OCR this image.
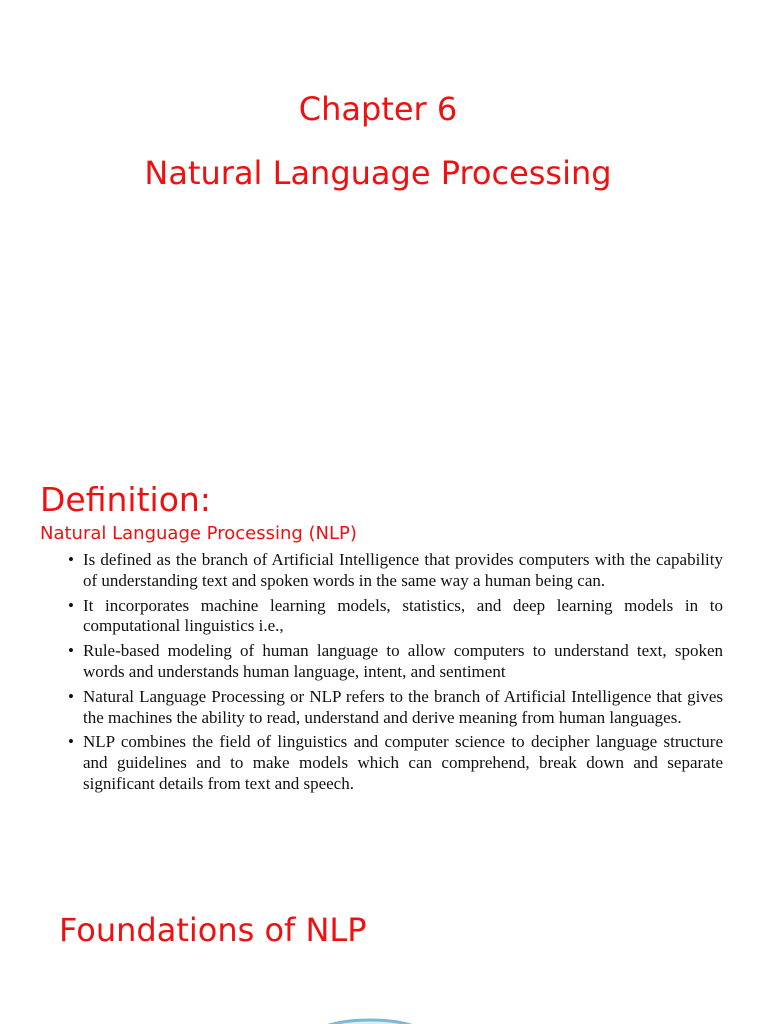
Chapter 6
Natural Language Processing
Definition:
Natural Language Processing (NLP)
• Is defined as the branch of Artificial Intelligence that provides computers with the capability of understanding text and spoken words in the same way a human being can.
• It incorporates machine learning models, statistics, and deep learning models in to computational linguistics i.e.,
• Rule-based modeling of human language to allow computers to understand text, spoken words and understands human language, intent, and sentiment
• Natural Language Processing or NLP refers to the branch of Artificial Intelligence that gives the machines the ability to read, understand and derive meaning from human languages.
• NLP combines the field of linguistics and computer science to decipher language structure and guidelines and to make models which can comprehend, break down and separate significant details from text and speech.
Foundations of NLP
